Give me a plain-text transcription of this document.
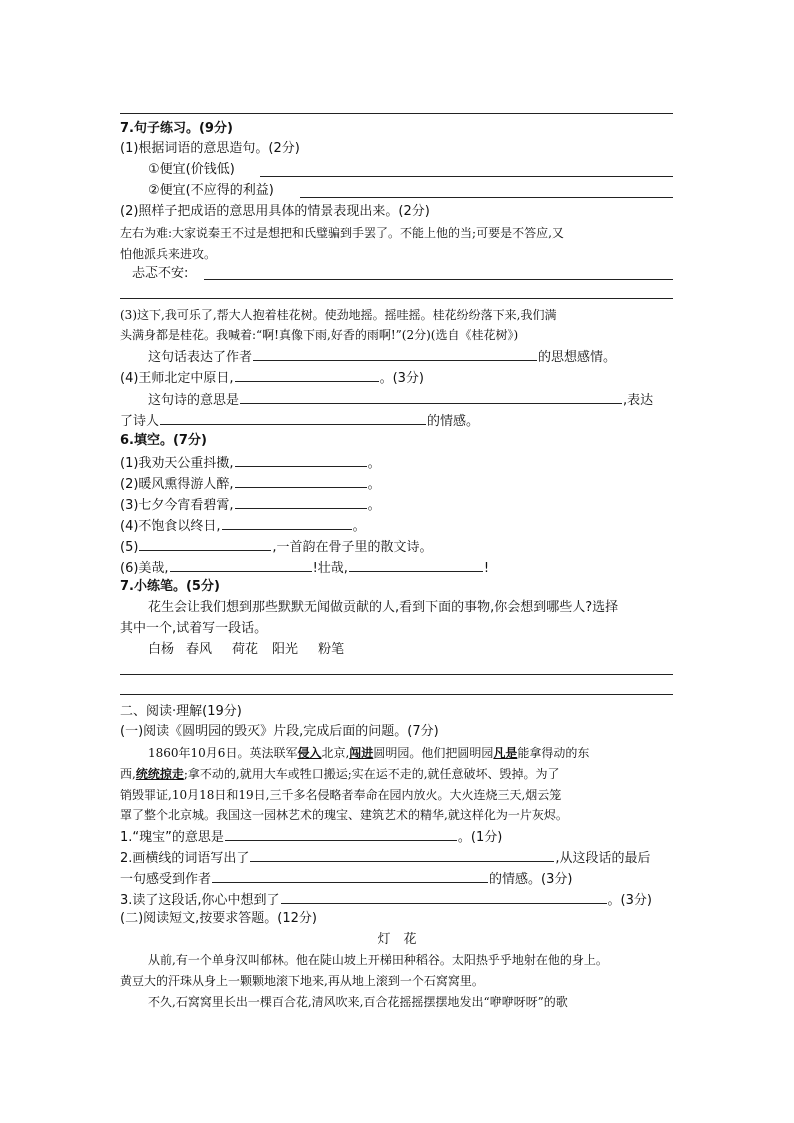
7.句子练习。(9分)
(1)根据词语的意思造句。(2分)
①便宜(价钱低)
②便宜(不应得的利益)
(2)照样子把成语的意思用具体的情景表现出来。(2分)
左右为难:大家说秦王不过是想把和氏璧骗到手罢了。不能上他的当;可要是不答应,又
怕他派兵来进攻。
忐忑不安:
(3)这下,我可乐了,帮大人抱着桂花树。使劲地摇。摇哇摇。桂花纷纷落下来,我们满
头满身都是桂花。我喊着:“啊!真像下雨,好香的雨啊!”(2分)(选自《桂花树》)
这句话表达了作者	的思想感情。
(4)王师北定中原日,	。(3分)
这句诗的意思是	,表达
了诗人	的情感。
6.填空。(7分)
(1)我劝天公重抖擞,	。
(2)暖风熏得游人醉,	。
(3)七夕今宵看碧霄,	。
(4)不饱食以终日,	。
(5)	,一首韵在骨子里的散文诗。
(6)美哉,	!壮哉,	!
7.小练笔。(5分)
花生会让我们想到那些默默无闻做贡献的人,看到下面的事物,你会想到哪些人?选择
其中一个,试着写一段话。
白杨 春风 荷花 阳光 粉笔
二、阅读·理解(19分)
(一)阅读《圆明园的毁灭》片段,完成后面的问题。(7分)
1860年10月6日。英法联军侵入北京,闯进圆明园。他们把圆明园凡是能拿得动的东
西,统统掠走;拿不动的,就用大车或牲口搬运;实在运不走的,就任意破坏、毁掉。为了
销毁罪证,10月18日和19日,三千多名侵略者奉命在园内放火。大火连烧三天,烟云笼
罩了整个北京城。我国这一园林艺术的瑰宝、建筑艺术的精华,就这样化为一片灰烬。
1.“瑰宝”的意思是	。(1分)
2.画横线的词语写出了	,从这段话的最后
一句感受到作者	的情感。(3分)
3.读了这段话,你心中想到了	。(3分)
(二)阅读短文,按要求答题。(12分)
灯　花
从前,有一个单身汉叫郁林。他在陡山坡上开梯田种稻谷。太阳热乎乎地射在他的身上。
黄豆大的汗珠从身上一颗颗地滚下地来,再从地上滚到一个石窝窝里。
不久,石窝窝里长出一棵百合花,清风吹来,百合花摇摇摆摆地发出“咿咿呀呀”的歌
